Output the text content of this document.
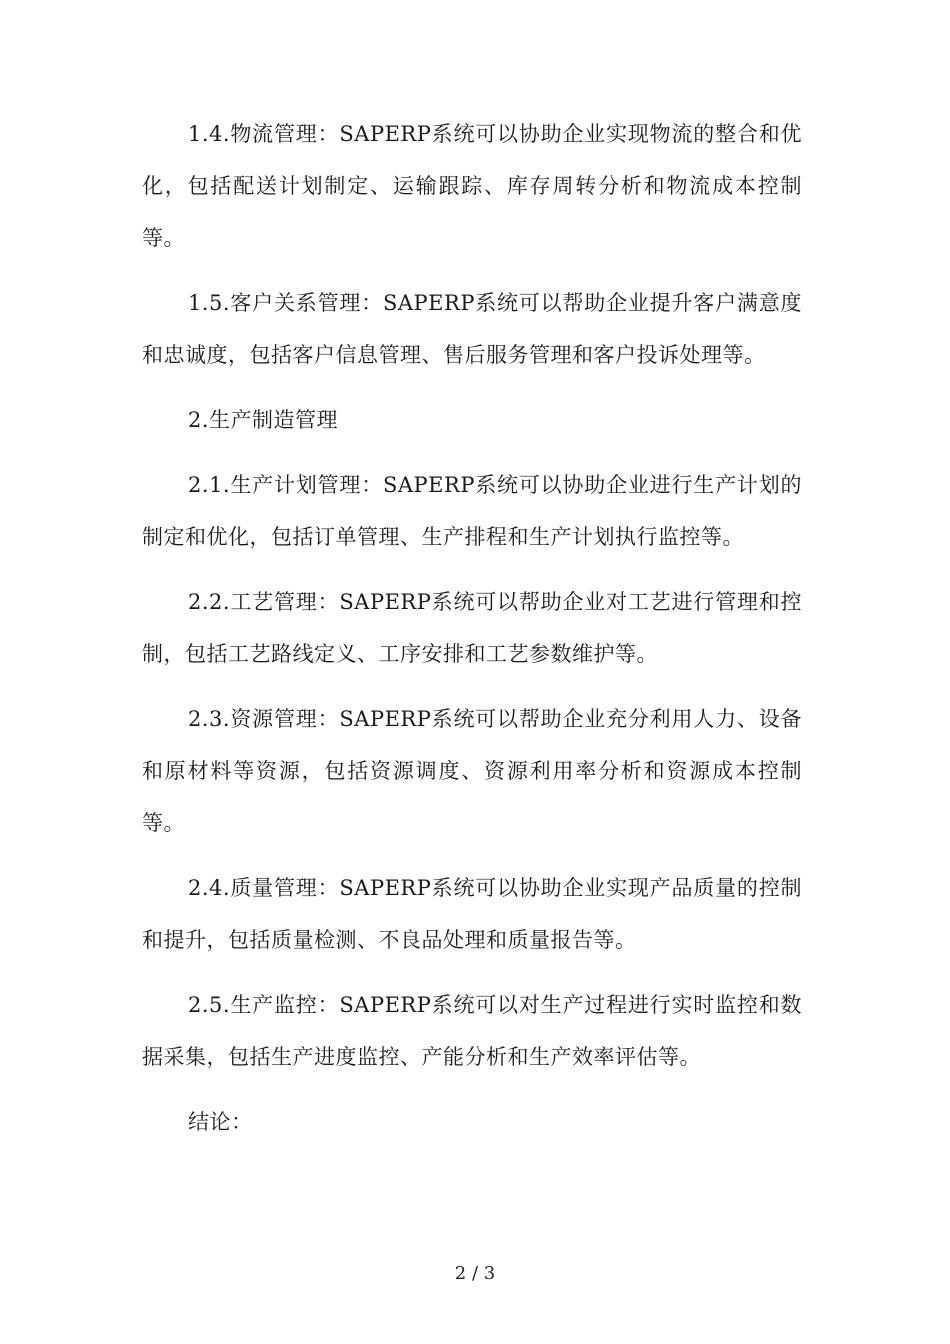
1.4.物流管理：SAPERP系统可以协助企业实现物流的整合和优化，包括配送计划制定、运输跟踪、库存周转分析和物流成本控制等。

1.5.客户关系管理：SAPERP系统可以帮助企业提升客户满意度和忠诚度，包括客户信息管理、售后服务管理和客户投诉处理等。

2.生产制造管理

2.1.生产计划管理：SAPERP系统可以协助企业进行生产计划的制定和优化，包括订单管理、生产排程和生产计划执行监控等。

2.2.工艺管理：SAPERP系统可以帮助企业对工艺进行管理和控制，包括工艺路线定义、工序安排和工艺参数维护等。

2.3.资源管理：SAPERP系统可以帮助企业充分利用人力、设备和原材料等资源，包括资源调度、资源利用率分析和资源成本控制等。

2.4.质量管理：SAPERP系统可以协助企业实现产品质量的控制和提升，包括质量检测、不良品处理和质量报告等。

2.5.生产监控：SAPERP系统可以对生产过程进行实时监控和数据采集，包括生产进度监控、产能分析和生产效率评估等。

结论：

2 / 3
